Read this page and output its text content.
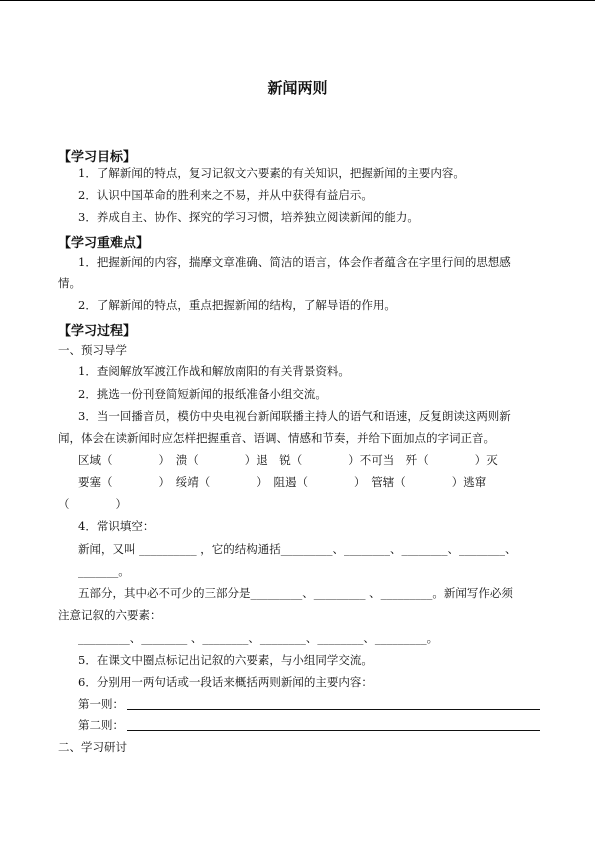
新闻两则
【学习目标】
1．了解新闻的特点，复习记叙文六要素的有关知识，把握新闻的主要内容。
2．认识中国革命的胜利来之不易，并从中获得有益启示。
3．养成自主、协作、探究的学习习惯，培养独立阅读新闻的能力。
【学习重难点】
1．把握新闻的内容，揣摩文章准确、简洁的语言，体会作者蕴含在字里行间的思想感
情。
2．了解新闻的特点，重点把握新闻的结构，了解导语的作用。
【学习过程】
一、预习导学
1．查阅解放军渡江作战和解放南阳的有关背景资料。
2．挑选一份刊登简短新闻的报纸准备小组交流。
3．当一回播音员，模仿中央电视台新闻联播主持人的语气和语速，反复朗读这两则新
闻，体会在读新闻时应怎样把握重音、语调、情感和节奏，并给下面加点的字词正音。
区域（　　　　）　溃（　　　　）退　锐（　　　　）不可当　歼（　　　　）灭
要塞（　　　　）　绥靖（　　　　）　阻遏（　　　　）　管辖（　　　　）逃窜
（　　　　）
4．常识填空：
新闻，又叫 __________ ，它的结构通括_________、________、________、________、
_______。
五部分，其中必不可少的三部分是_________、_________ 、_________。新闻写作必须
注意记叙的六要素：
_________、________ 、________、________、________、_________。
5．在课文中圈点标记出记叙的六要素，与小组同学交流。
6．分别用一两句话或一段话来概括两则新闻的主要内容：
第一则：
第二则：
二、学习研讨
